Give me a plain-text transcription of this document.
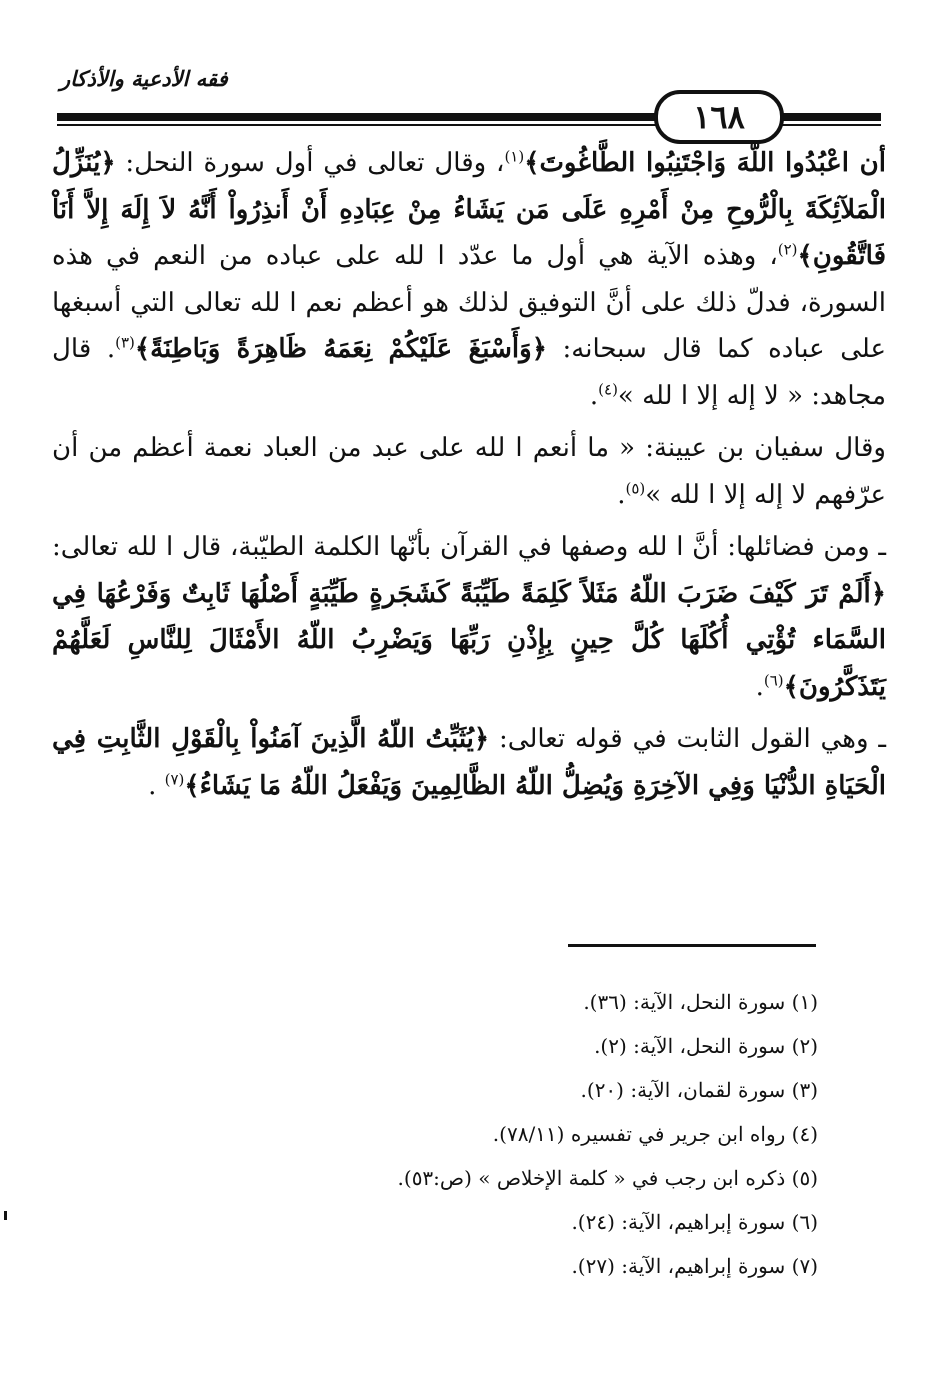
فقه الأدعية والأذكار
١٦٨

أن اعْبُدُوا اللّهَ وَاجْتَنِبُوا الطَّاغُوتَ﴾$^{(١)}$، وقال تعالى في أول سورة النحل: ﴿يُنَزِّلُ الْمَلآئِكَةَ بِالْرُّوحِ مِنْ أَمْرِهِ عَلَى مَن يَشَاءُ مِنْ عِبَادِهِ أَنْ أَنذِرُواْ أَنَّهُ لاَ إِلَهَ إِلاَّ أَنَاْ فَاتَّقُونِ﴾$^{(٢)}$، وهذه الآية هي أول ما عدّد ا لله على عباده من النعم في هذه السورة، فدلّ ذلك على أنَّ التوفيق لذلك هو أعظم نعم ا لله تعالى التي أسبغها على عباده كما قال سبحانه: ﴿وَأَسْبَغَ عَلَيْكُمْ نِعَمَهُ ظَاهِرَةً وَبَاطِنَةً﴾$^{(٣)}$. قال مجاهد: « لا إله إلا ا لله »$^{(٤)}$.

وقال سفيان بن عيينة: « ما أنعم ا لله على عبد من العباد نعمة أعظم من أن عرّفهم لا إله إلا ا لله »$^{(٥)}$.

ـ ومن فضائلها: أنَّ ا لله وصفها في القرآن بأنّها الكلمة الطيّبة، قال ا لله تعالى: ﴿أَلَمْ تَرَ كَيْفَ ضَرَبَ اللّهُ مَثَلاً كَلِمَةً طَيِّبَةً كَشَجَرةٍ طَيِّبَةٍ أَصْلُهَا ثَابِتٌ وَفَرْعُهَا فِي السَّمَاء تُؤْتِي أُكُلَهَا كُلَّ حِينٍ بِإِذْنِ رَبِّهَا وَيَضْرِبُ اللّهُ الأَمْثَالَ لِلنَّاسِ لَعَلَّهُمْ يَتَذَكَّرُونَ﴾$^{(٦)}$.

ـ وهي القول الثابت في قوله تعالى: ﴿يُثَبِّتُ اللّهُ الَّذِينَ آمَنُواْ بِالْقَوْلِ الثَّابِتِ فِي الْحَيَاةِ الدُّنْيَا وَفِي الآخِرَةِ وَيُضِلُّ اللّهُ الظَّالِمِينَ وَيَفْعَلُ اللّهُ مَا يَشَاءُ﴾$^{(٧)}$ .

(١) سورة النحل، الآية: (٣٦).

(٢) سورة النحل، الآية: (٢).

(٣) سورة لقمان، الآية: (٢٠).

(٤) رواه ابن جرير في تفسيره (٧٨/١١).

(٥) ذكره ابن رجب في « كلمة الإخلاص » (ص:٥٣).

(٦) سورة إبراهيم، الآية: (٢٤).

(٧) سورة إبراهيم، الآية: (٢٧).
